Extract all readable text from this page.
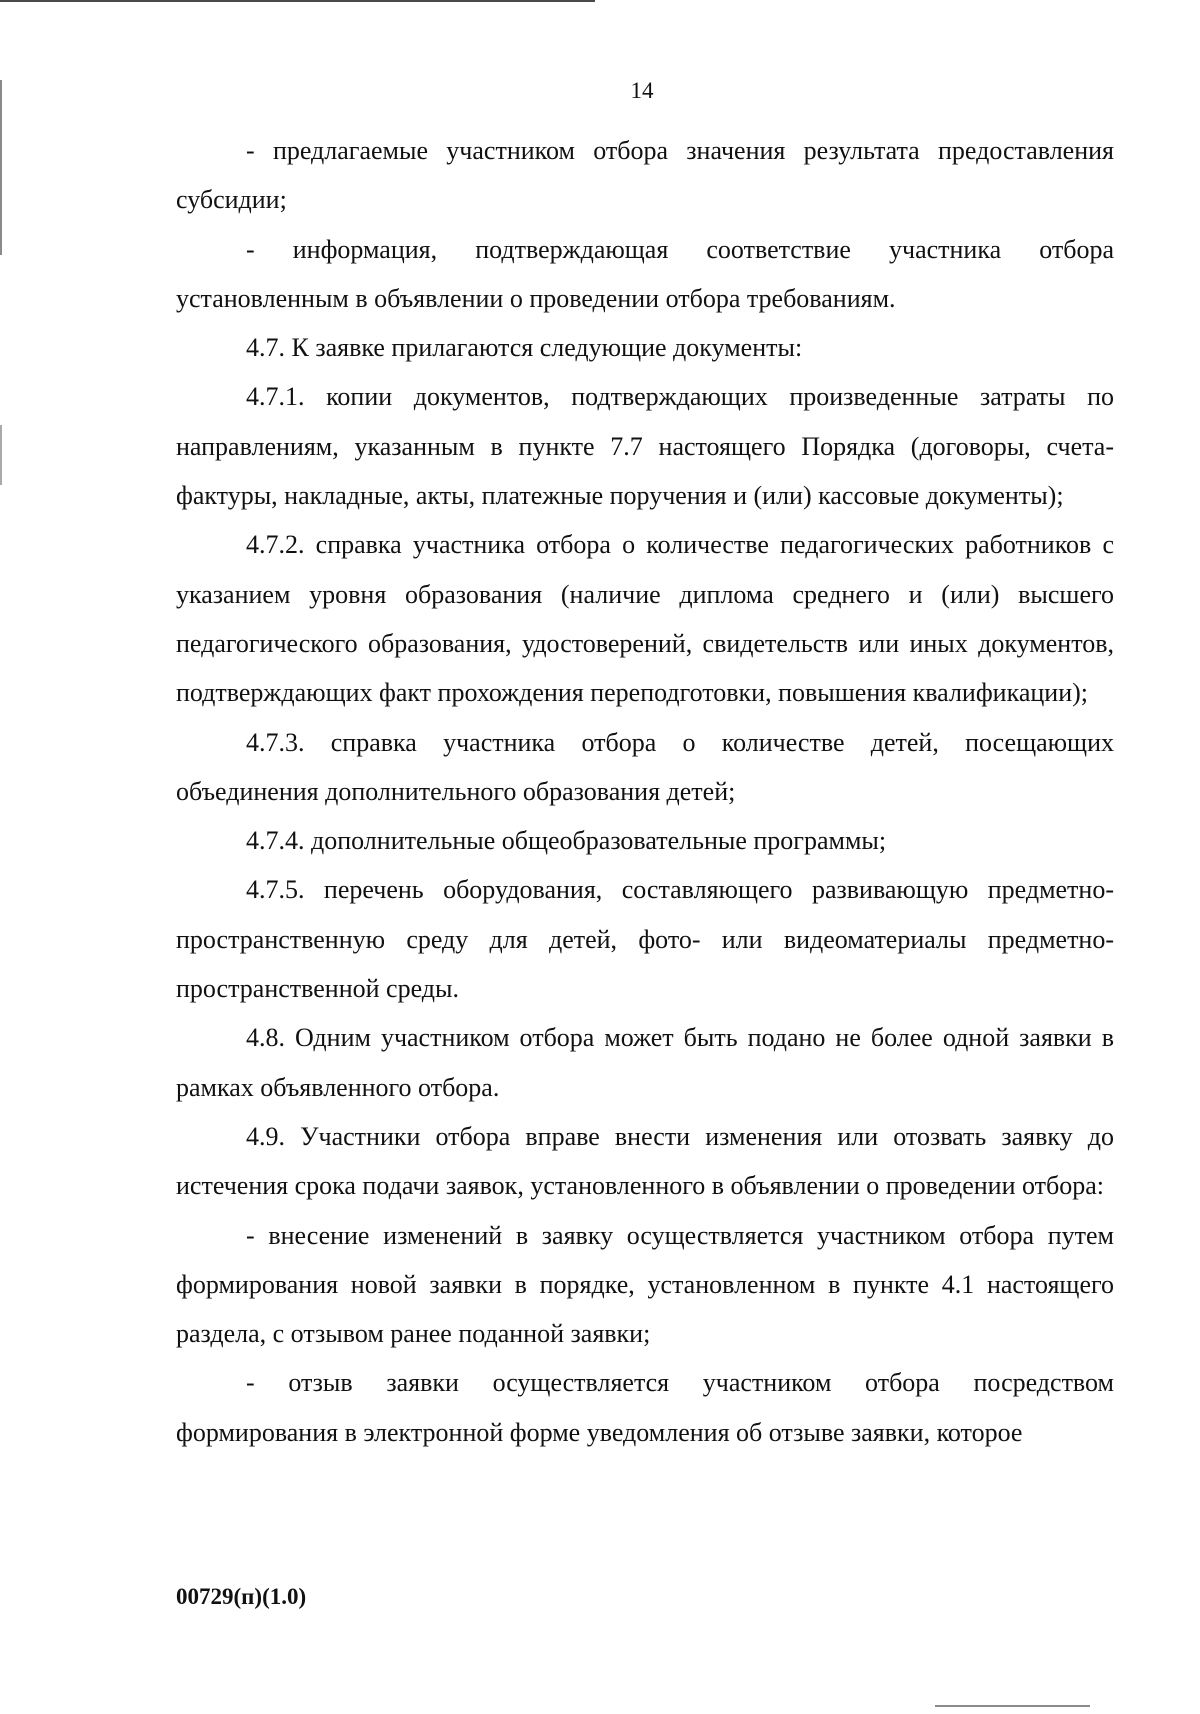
14

- предлагаемые участником отбора значения результата предоставления субсидии;

- информация, подтверждающая соответствие участника отбора установленным в объявлении о проведении отбора требованиям.

4.7. К заявке прилагаются следующие документы:

4.7.1. копии документов, подтверждающих произведенные затраты по направлениям, указанным в пункте 7.7 настоящего Порядка (договоры, счета-фактуры, накладные, акты, платежные поручения и (или) кассовые документы);

4.7.2. справка участника отбора о количестве педагогических работников с указанием уровня образования (наличие диплома среднего и (или) высшего педагогического образования, удостоверений, свидетельств или иных документов, подтверждающих факт прохождения переподготовки, повышения квалификации);

4.7.3. справка участника отбора о количестве детей, посещающих объединения дополнительного образования детей;

4.7.4. дополнительные общеобразовательные программы;

4.7.5. перечень оборудования, составляющего развивающую предметно-пространственную среду для детей, фото- или видеоматериалы предметно-пространственной среды.

4.8. Одним участником отбора может быть подано не более одной заявки в рамках объявленного отбора.

4.9. Участники отбора вправе внести изменения или отозвать заявку до истечения срока подачи заявок, установленного в объявлении о проведении отбора:

- внесение изменений в заявку осуществляется участником отбора путем формирования новой заявки в порядке, установленном в пункте 4.1 настоящего раздела, с отзывом ранее поданной заявки;

- отзыв заявки осуществляется участником отбора посредством формирования в электронной форме уведомления об отзыве заявки, которое

00729(п)(1.0)
